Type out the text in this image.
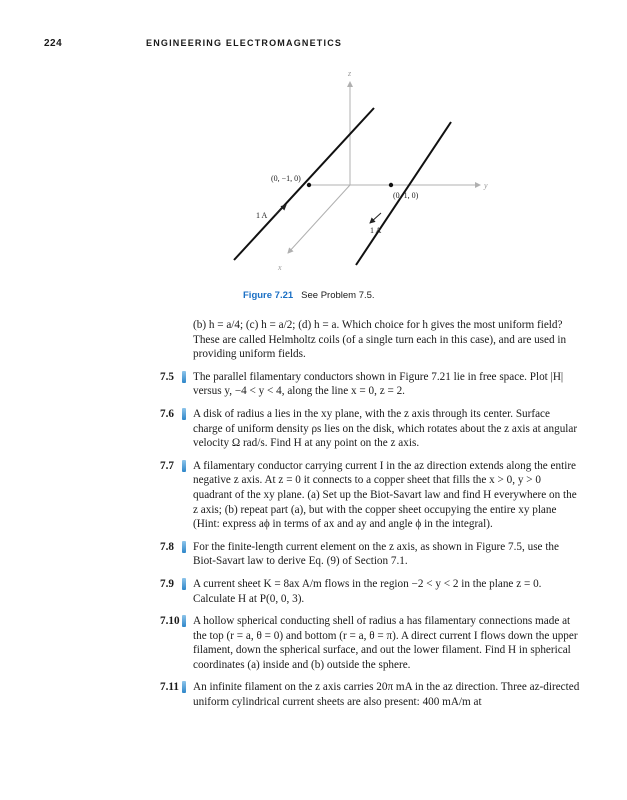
224	ENGINEERING ELECTROMAGNETICS
z
y
x
(0, −1, 0)
(0, 1, 0)
1 A
1 A
Figure 7.21 See Problem 7.5.

(b) h = a/4; (c) h = a/2; (d) h = a. Which choice for h gives the most uniform field? These are called Helmholtz coils (of a single turn each in this case), and are used in providing uniform fields.

7.5 The parallel filamentary conductors shown in Figure 7.21 lie in free space. Plot |H| versus y, −4 < y < 4, along the line x = 0, z = 2.

7.6 A disk of radius a lies in the xy plane, with the z axis through its center. Surface charge of uniform density ρs lies on the disk, which rotates about the z axis at angular velocity Ω rad/s. Find H at any point on the z axis.

7.7 A filamentary conductor carrying current I in the az direction extends along the entire negative z axis. At z = 0 it connects to a copper sheet that fills the x > 0, y > 0 quadrant of the xy plane. (a) Set up the Biot-Savart law and find H everywhere on the z axis; (b) repeat part (a), but with the copper sheet occupying the entire xy plane (Hint: express aϕ in terms of ax and ay and angle ϕ in the integral).

7.8 For the finite-length current element on the z axis, as shown in Figure 7.5, use the Biot-Savart law to derive Eq. (9) of Section 7.1.

7.9 A current sheet K = 8ax A/m flows in the region −2 < y < 2 in the plane z = 0. Calculate H at P(0, 0, 3).

7.10 A hollow spherical conducting shell of radius a has filamentary connections made at the top (r = a, θ = 0) and bottom (r = a, θ = π). A direct current I flows down the upper filament, down the spherical surface, and out the lower filament. Find H in spherical coordinates (a) inside and (b) outside the sphere.

7.11 An infinite filament on the z axis carries 20π mA in the az direction. Three az-directed uniform cylindrical current sheets are also present: 400 mA/m at
